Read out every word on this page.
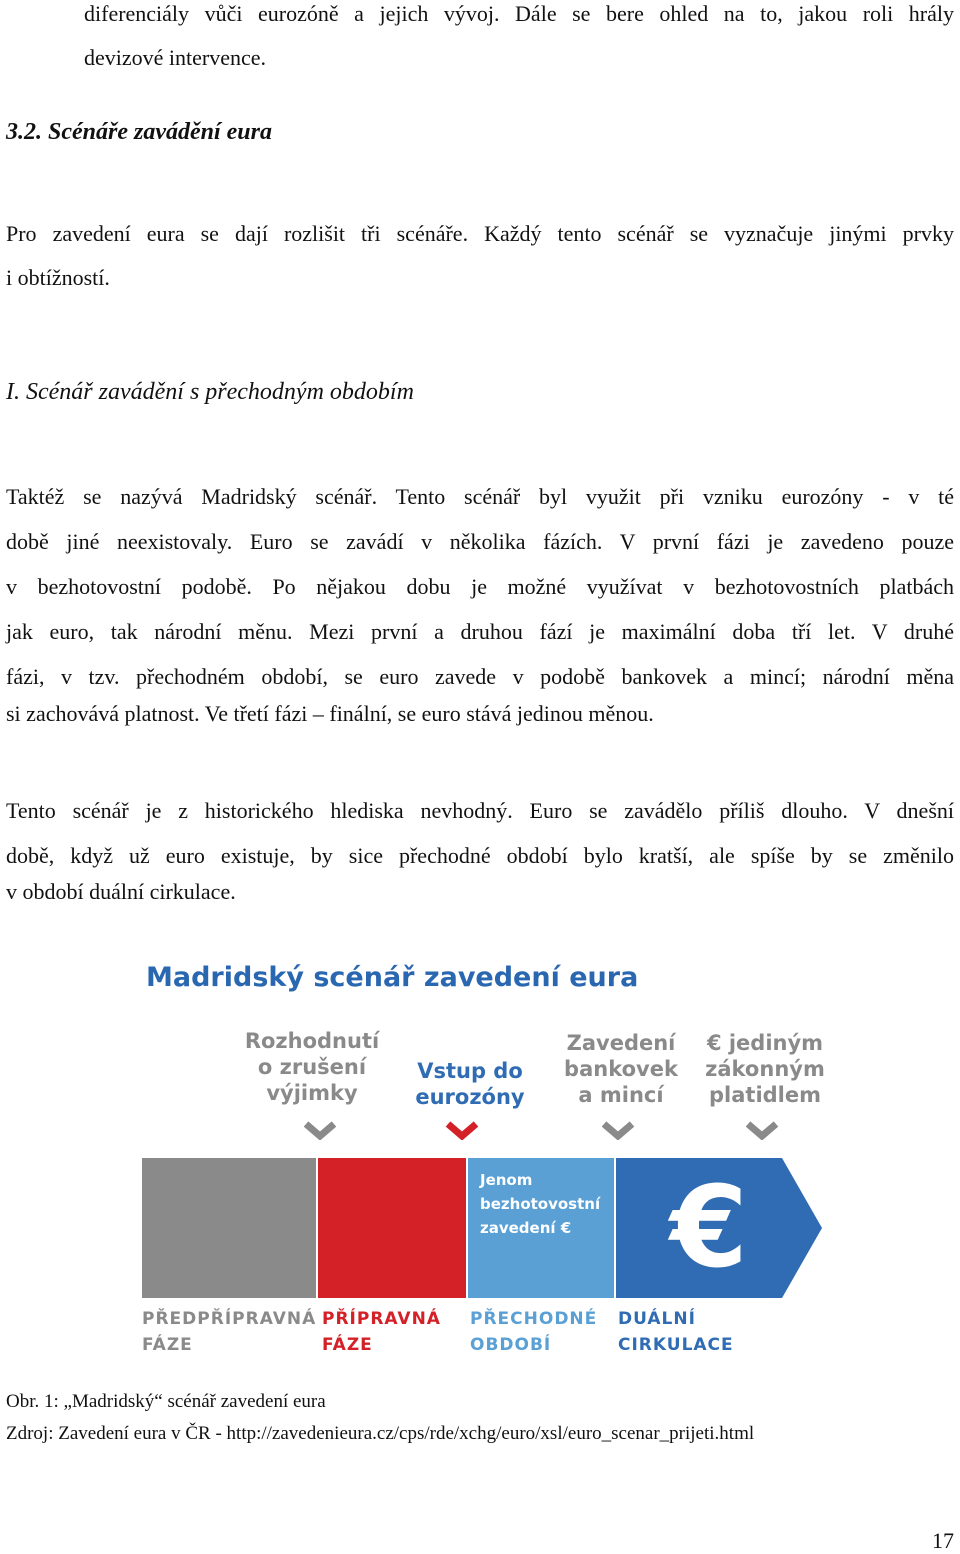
diferenciály vůči eurozóně a jejich vývoj. Dále se bere ohled na to, jakou roli hrály
devizové intervence.
3.2. Scénáře zavádění eura
Pro zavedení eura se dají rozlišit tři scénáře. Každý tento scénář se vyznačuje jinými prvky
i obtížností.
I. Scénář zavádění s přechodným obdobím
Taktéž se nazývá Madridský scénář. Tento scénář byl využit při vzniku eurozóny - v té
době jiné neexistovaly. Euro se zavádí v několika fázích. V první fázi je zavedeno pouze
v bezhotovostní podobě. Po nějakou dobu je možné využívat v bezhotovostních platbách
jak euro, tak národní měnu. Mezi první a druhou fází je maximální doba tří let. V druhé
fázi, v tzv. přechodném období, se euro zavede v podobě bankovek a mincí; národní měna
si zachovává platnost. Ve třetí fázi – finální, se euro stává jedinou měnou.
Tento scénář je z historického hlediska nevhodný. Euro se zavádělo příliš dlouho. V dnešní
době, když už euro existuje, by sice přechodné období bylo kratší, ale spíše by se změnilo
v období duální cirkulace.
Madridský scénář zavedení eura
Rozhodnutí
o zrušení
výjimky
Vstup do
eurozóny
Zavedení
bankovek
a mincí
€ jediným
zákonným
platidlem
Jenom
bezhotovostní
zavedení € €
PŘEDPŘÍPRAVNÁ
FÁZE
PŘÍPRAVNÁ
FÁZE
PŘECHODNÉ
OBDOBÍ
DUÁLNÍ
CIRKULACE
Obr. 1: „Madridský“ scénář zavedení eura
Zdroj: Zavedení eura v ČR - http://zavedenieura.cz/cps/rde/xchg/euro/xsl/euro_scenar_prijeti.html
17
